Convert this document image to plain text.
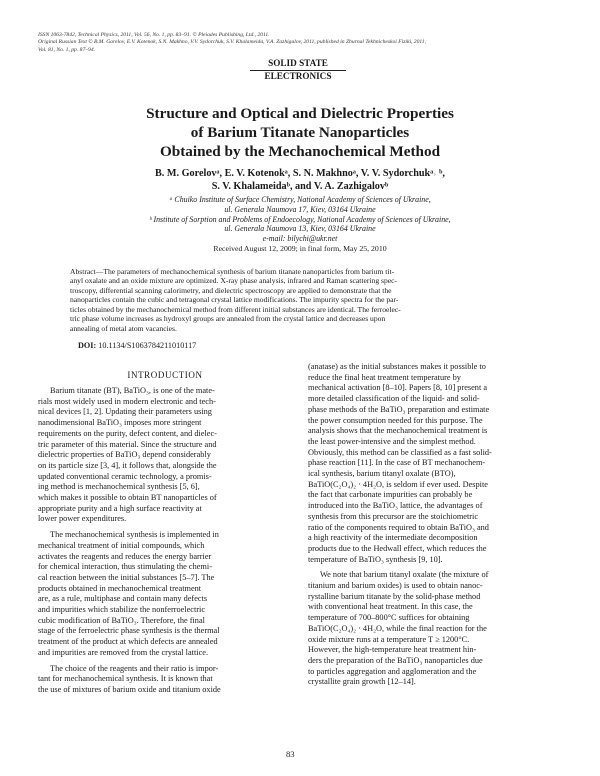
ISSN 1063-7842, Technical Physics, 2011, Vol. 56, No. 1, pp. 83–91. © Pleiades Publishing, Ltd., 2011.
Original Russian Text © B.M. Gorelov, E.V. Kotenok, S.N. Makhno, V.V. Sydorchuk, S.V. Khalameida, V.A. Zazhigalov, 2011, published in Zhurnal Tekhnicheskoi Fiziki, 2011,
Vol. 81, No. 1, pp. 87–94.
SOLID STATE
ELECTRONICS
Structure and Optical and Dielectric Properties
of Barium Titanate Nanoparticles
Obtained by the Mechanochemical Method
B. M. Gorelovᵃ, E. V. Kotenokᵃ, S. N. Makhnoᵃ, V. V. Sydorchukᵃ˒ ᵇ,
S. V. Khalameidaᵇ, and V. A. Zazhigalovᵇ
ᵃ Chuiko Institute of Surface Chemistry, National Academy of Sciences of Ukraine,
ul. Generala Naumova 17, Kiev, 03164 Ukraine
ᵇ Institute of Sorption and Problems of Endoecology, National Academy of Sciences of Ukraine,
ul. Generala Naumova 13, Kiev, 03164 Ukraine
e-mail: bilychi@ukr.net
Received August 12, 2009; in final form, May 25, 2010
Abstract—The parameters of mechanochemical synthesis of barium titanate nanoparticles from barium tit-
anyl oxalate and an oxide mixture are optimized. X-ray phase analysis, infrared and Raman scattering spec-
troscopy, differential scanning calorimetry, and dielectric spectroscopy are applied to demonstrate that the
nanoparticles contain the cubic and tetragonal crystal lattice modifications. The impurity spectra for the par-
ticles obtained by the mechanochemical method from different initial substances are identical. The ferroelec-
tric phase volume increases as hydroxyl groups are annealed from the crystal lattice and decreases upon
annealing of metal atom vacancies.
DOI: 10.1134/S1063784211010117
INTRODUCTION
Barium titanate (BT), BaTiO₃, is one of the mate-
rials most widely used in modern electronic and tech-
nical devices [1, 2]. Updating their parameters using
nanodimensional BaTiO₃ imposes more stringent
requirements on the purity, defect content, and dielec-
tric parameter of this material. Since the structure and
dielectric properties of BaTiO₃ depend considerably
on its particle size [3, 4], it follows that, alongside the
updated conventional ceramic technology, a promis-
ing method is mechanochemical synthesis [5, 6],
which makes it possible to obtain BT nanoparticles of
appropriate purity and a high surface reactivity at
lower power expenditures.
The mechanochemical synthesis is implemented in
mechanical treatment of initial compounds, which
activates the reagents and reduces the energy barrier
for chemical interaction, thus stimulating the chemi-
cal reaction between the initial substances [5–7]. The
products obtained in mechanochemical treatment
are, as a rule, multiphase and contain many defects
and impurities which stabilize the nonferroelectric
cubic modification of BaTiO₃. Therefore, the final
stage of the ferroelectric phase synthesis is the thermal
treatment of the product at which defects are annealed
and impurities are removed from the crystal lattice.
The choice of the reagents and their ratio is impor-
tant for mechanochemical synthesis. It is known that
the use of mixtures of barium oxide and titanium oxide
(anatase) as the initial substances makes it possible to
reduce the final heat treatment temperature by
mechanical activation [8–10]. Papers [8, 10] present a
more detailed classification of the liquid- and solid-
phase methods of the BaTiO₃ preparation and estimate
the power consumption needed for this purpose. The
analysis shows that the mechanochemical treatment is
the least power-intensive and the simplest method.
Obviously, this method can be classified as a fast solid-
phase reaction [11]. In the case of BT mechanochem-
ical synthesis, barium titanyl oxalate (BTO),
BaTiO(C₂O₄)₂ · 4H₂O, is seldom if ever used. Despite
the fact that carbonate impurities can probably be
introduced into the BaTiO₃ lattice, the advantages of
synthesis from this precursor are the stoichiometric
ratio of the components required to obtain BaTiO₃ and
a high reactivity of the intermediate decomposition
products due to the Hedwall effect, which reduces the
temperature of BaTiO₃ synthesis [9, 10].
We note that barium titanyl oxalate (the mixture of
titanium and barium oxides) is used to obtain nanoc-
rystalline barium titanate by the solid-phase method
with conventional heat treatment. In this case, the
temperature of 700–800°C suffices for obtaining
BaTiO(C₂O₄)₂ · 4H₂O, while the final reaction for the
oxide mixture runs at a temperature T ≥ 1200°C.
However, the high-temperature heat treatment hin-
ders the preparation of the BaTiO₃ nanoparticles due
to particles aggregation and agglomeration and the
crystallite grain growth [12–14].
83
